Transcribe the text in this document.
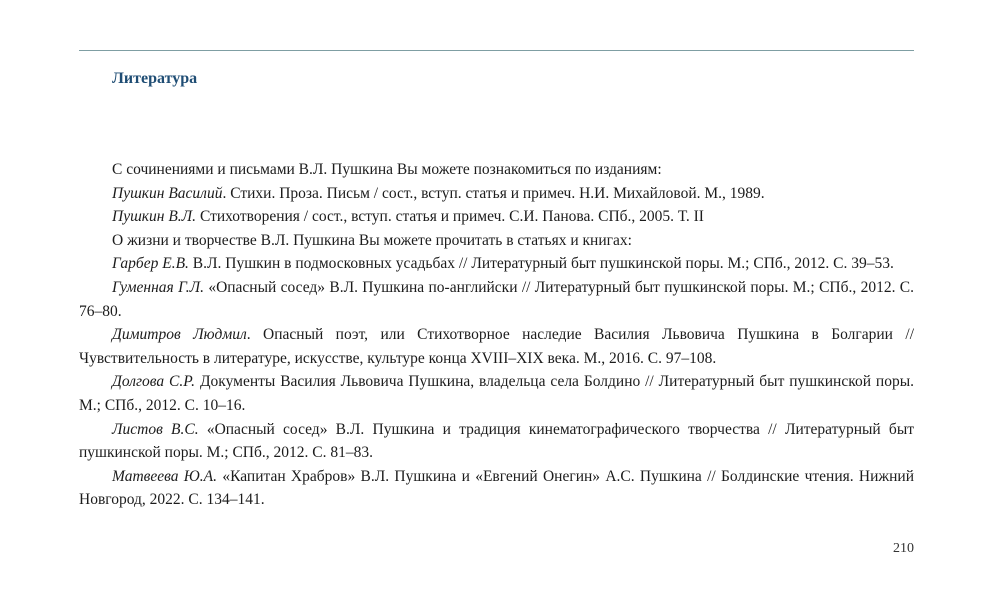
Литература
С сочинениями и письмами В.Л. Пушкина Вы можете познакомиться по изданиям:
Пушкин Василий. Стихи. Проза. Письм / сост., вступ. статья и примеч. Н.И. Михайловой. М., 1989.
Пушкин В.Л. Стихотворения / сост., вступ. статья и примеч. С.И. Панова. СПб., 2005. Т. II
О жизни и творчестве В.Л. Пушкина Вы можете прочитать в статьях и книгах:
Гарбер Е.В. В.Л. Пушкин в подмосковных усадьбах // Литературный быт пушкинской поры. М.; СПб., 2012. С. 39–53.
Гуменная Г.Л. «Опасный сосед» В.Л. Пушкина по-английски // Литературный быт пушкинской поры. М.; СПб., 2012. С. 76–80.
Димитров Людмил. Опасный поэт, или Стихотворное наследие Василия Львовича Пушкина в Болгарии // Чувствительность в литературе, искусстве, культуре конца XVIII–XIX века. М., 2016. С. 97–108.
Долгова С.Р. Документы Василия Львовича Пушкина, владельца села Болдино // Литературный быт пушкинской поры. М.; СПб., 2012. С. 10–16.
Листов В.С. «Опасный сосед» В.Л. Пушкина и традиция кинематографического творчества // Литературный быт пушкинской поры. М.; СПб., 2012. С. 81–83.
Матвеева Ю.А. «Капитан Храбров» В.Л. Пушкина и «Евгений Онегин» А.С. Пушкина // Болдинские чтения. Нижний Новгород, 2022. С. 134–141.
210
